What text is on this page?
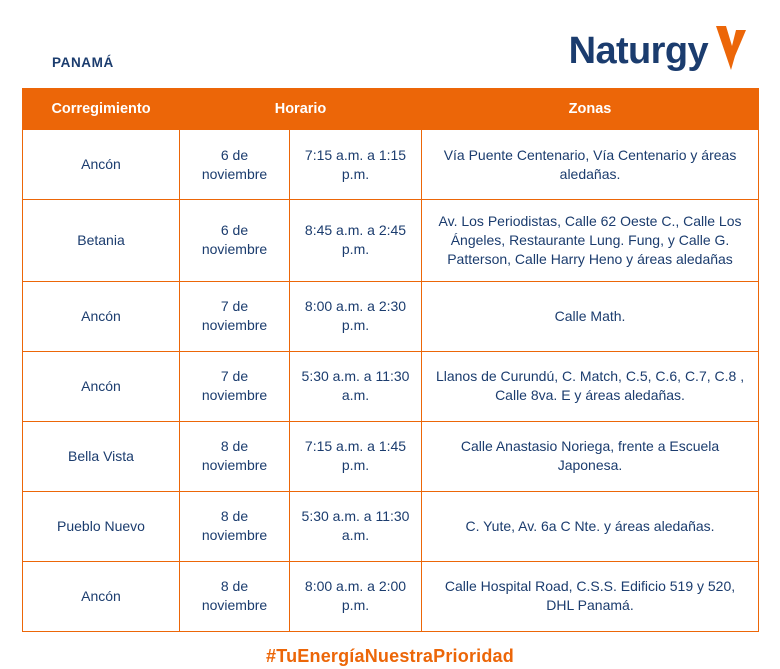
PANAMÁ	Naturgy
Corregimiento	Horario		Zonas
Ancón	6 de noviembre	7:15 a.m. a 1:15 p.m.	Vía Puente Centenario, Vía Centenario y áreas aledañas.
Betania	6 de noviembre	8:45 a.m. a 2:45 p.m.	Av. Los Periodistas, Calle 62 Oeste C., Calle Los Ángeles, Restaurante Lung. Fung, y Calle G. Patterson, Calle Harry Heno y áreas aledañas
Ancón	7 de noviembre	8:00 a.m. a 2:30 p.m.	Calle Math.
Ancón	7 de noviembre	5:30 a.m. a 11:30 a.m.	Llanos de Curundú, C. Match, C.5, C.6, C.7, C.8 , Calle 8va. E y áreas aledañas.
Bella Vista	8 de noviembre	7:15 a.m. a 1:45 p.m.	Calle Anastasio Noriega, frente a Escuela Japonesa.
Pueblo Nuevo	8 de noviembre	5:30 a.m. a 11:30 a.m.	C. Yute, Av. 6a C Nte. y áreas aledañas.
Ancón	8 de noviembre	8:00 a.m. a 2:00 p.m.	Calle Hospital Road, C.S.S. Edificio 519 y 520, DHL Panamá.
#TuEnergíaNuestraPrioridad
